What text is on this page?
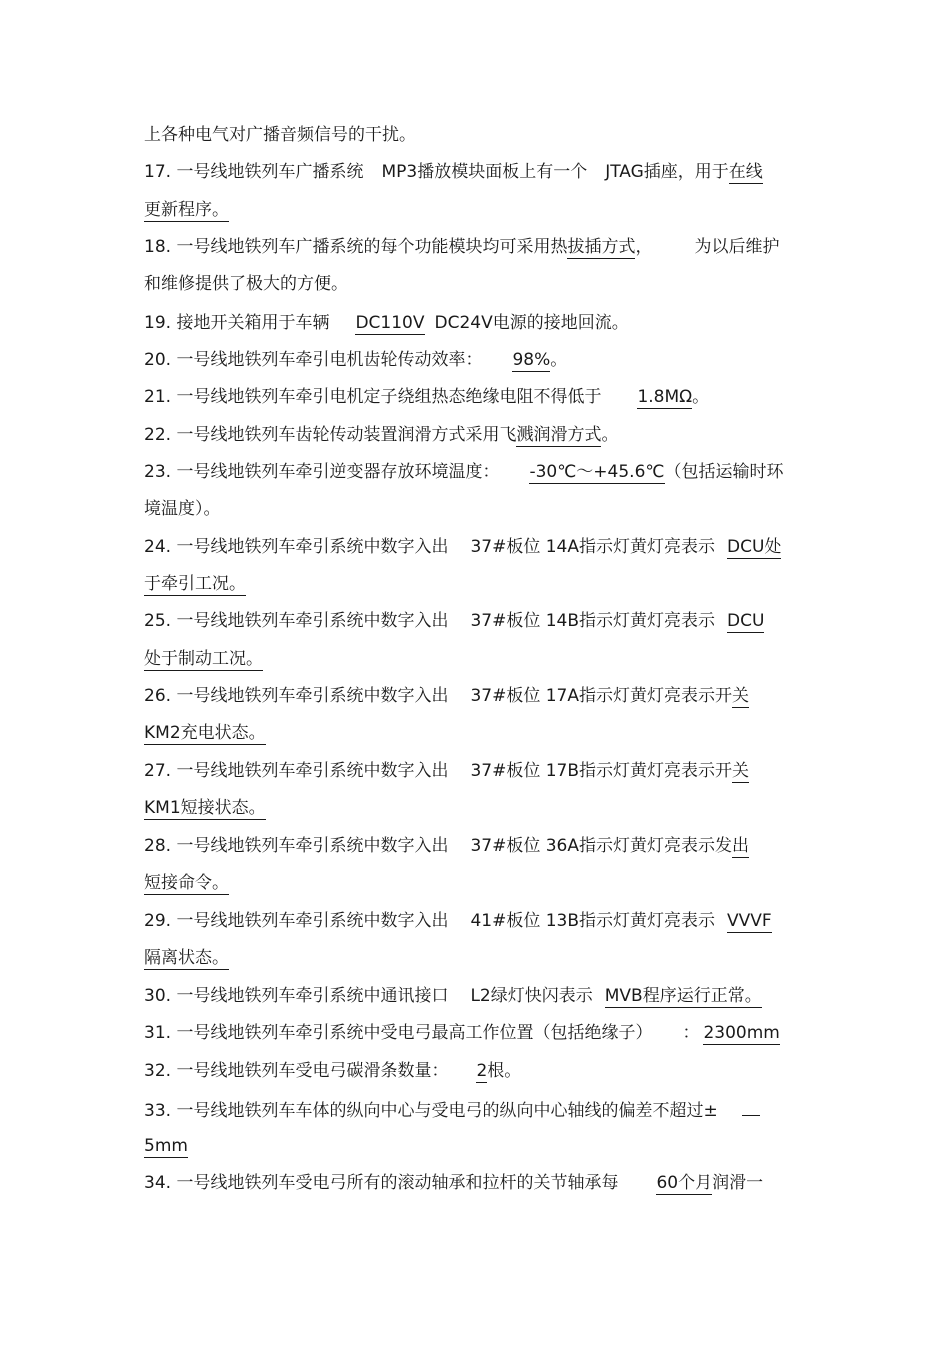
上各种电气对广播音频信号的干扰。
17. 一号线地铁列车广播系统 MP3播放模块面板上有一个 JTAG插座，用于在线
更新程序。
18. 一号线地铁列车广播系统的每个功能模块均可采用热拔插方式， 为以后维护
和维修提供了极大的方便。
19. 接地开关箱用于车辆 DC110V DC24V电源的接地回流。
20. 一号线地铁列车牵引电机齿轮传动效率： 98%。
21. 一号线地铁列车牵引电机定子绕组热态绝缘电阻不得低于 1.8MΩ。
22. 一号线地铁列车齿轮传动装置润滑方式采用飞溅润滑方式。
23. 一号线地铁列车牵引逆变器存放环境温度： -30℃～+45.6℃（包括运输时环
境温度）。
24. 一号线地铁列车牵引系统中数字入出 37#板位 14A指示灯黄灯亮表示 DCU处
于牵引工况。
25. 一号线地铁列车牵引系统中数字入出 37#板位 14B指示灯黄灯亮表示 DCU
处于制动工况。
26. 一号线地铁列车牵引系统中数字入出 37#板位 17A指示灯黄灯亮表示开关
KM2充电状态。
27. 一号线地铁列车牵引系统中数字入出 37#板位 17B指示灯黄灯亮表示开关
KM1短接状态。
28. 一号线地铁列车牵引系统中数字入出 37#板位 36A指示灯黄灯亮表示发出
短接命令。
29. 一号线地铁列车牵引系统中数字入出 41#板位 13B指示灯黄灯亮表示 VVVF
隔离状态。
30. 一号线地铁列车牵引系统中通讯接口 L2绿灯快闪表示 MVB程序运行正常。
31. 一号线地铁列车牵引系统中受电弓最高工作位置（包括绝缘子） ： 2300mm
32. 一号线地铁列车受电弓碳滑条数量： 2根。
33. 一号线地铁列车车体的纵向中心与受电弓的纵向中心轴线的偏差不超过±
5mm
34. 一号线地铁列车受电弓所有的滚动轴承和拉杆的关节轴承每 60个月润滑一
